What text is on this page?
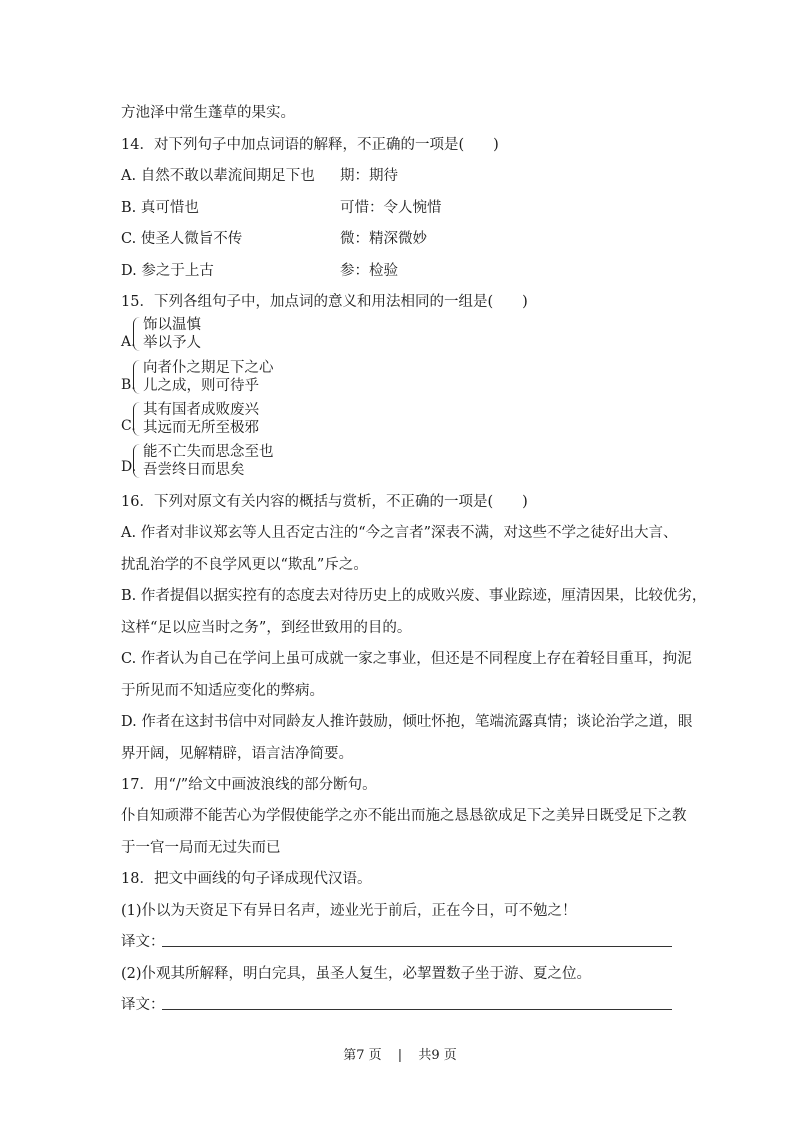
方池泽中常生蓬草的果实。
14．对下列句子中加点词语的解释，不正确的一项是(　　)
A. 自然不敢以辈流间期足下也 期：期待
B. 真可惜也	可惜：令人惋惜
C. 使圣人微旨不传	微：精深微妙
D. 参之于上古	参：检验
15．下列各组句子中，加点词的意义和用法相同的一组是(　　)
A.
饰以温慎
举以予人
B.
向者仆之期足下之心
儿之成，则可待乎
C.
其有国者成败废兴
其远而无所至极邪
D.
能不亡失而思念至也
吾尝终日而思矣
16．下列对原文有关内容的概括与赏析，不正确的一项是(　　)
A. 作者对非议郑玄等人且否定古注的“今之言者”深表不满，对这些不学之徒好出大言、
扰乱治学的不良学风更以“欺乱”斥之。
B. 作者提倡以据实控有的态度去对待历史上的成败兴废、事业踪迹，厘清因果，比较优劣，
这样“足以应当时之务”，到经世致用的目的。
C. 作者认为自己在学问上虽可成就一家之事业，但还是不同程度上存在着轻目重耳，拘泥
于所见而不知适应变化的弊病。
D. 作者在这封书信中对同龄友人推许鼓励，倾吐怀抱，笔端流露真情；谈论治学之道，眼
界开阔，见解精辟，语言洁净简要。
17．用“/”给文中画波浪线的部分断句。
仆自知顽滞不能苦心为学假使能学之亦不能出而施之恳恳欲成足下之美异日既受足下之教
于一官一局而无过失而已
18．把文中画线的句子译成现代汉语。
(1)仆以为天资足下有异日名声，迹业光于前后，正在今日，可不勉之！
译文：
(2)仆观其所解释，明白完具，虽圣人复生，必挈置数子坐于游、夏之位。
译文：
第7 页 | 共9 页
